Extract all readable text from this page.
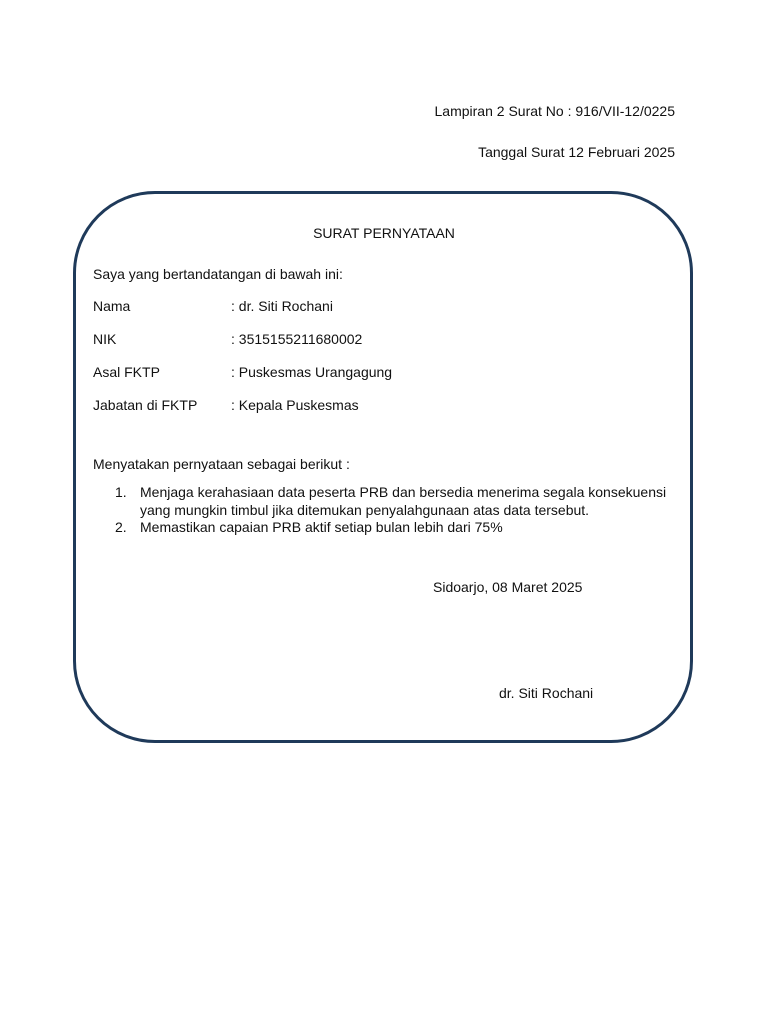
Lampiran 2 Surat No : 916/VII-12/0225
Tanggal Surat 12 Februari 2025
SURAT PERNYATAAN
Saya yang bertandatangan di bawah ini:
Nama	: dr. Siti Rochani
NIK	: 3515155211680002
Asal FKTP	: Puskesmas Urangagung
Jabatan di FKTP : Kepala Puskesmas
Menyatakan pernyataan sebagai berikut :
1. Menjaga kerahasiaan data peserta PRB dan bersedia menerima segala konsekuensi
yang mungkin timbul jika ditemukan penyalahgunaan atas data tersebut.
2. Memastikan capaian PRB aktif setiap bulan lebih dari 75%
Sidoarjo, 08 Maret 2025
dr. Siti Rochani
